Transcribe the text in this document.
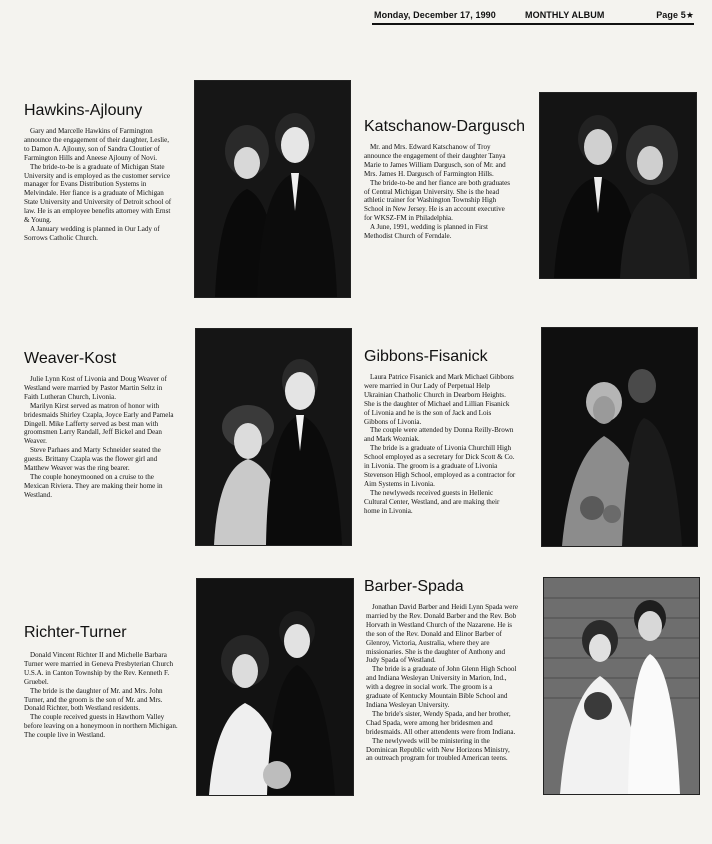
Monday, December 17, 1990	MONTHLY ALBUM	Page 5★
Hawkins-Ajlouny

Gary and Marcelle Hawkins of Farmington announce the engagement of their daughter, Leslie, to Damon A. Ajlouny, son of Sandra Cloutier of Farmington Hills and Aneese Ajlouny of Novi.

The bride-to-be is a graduate of Michigan State University and is employed as the customer service manager for Evans Distribution Systems in Melvindale. Her fiance is a graduate of Michigan State University and University of Detroit school of law. He is an employee benefits attorney with Ernst & Young.

A January wedding is planned in Our Lady of Sorrows Catholic Church.

Katschanow-Dargusch

Mr. and Mrs. Edward Katschanow of Troy announce the engagement of their daughter Tanya Marie to James William Dargusch, son of Mr. and Mrs. James H. Dargusch of Farmington Hills.

The bride-to-be and her fiance are both graduates of Central Michigan University. She is the head athletic trainer for Washington Township High School in New Jersey. He is an account executive for WKSZ-FM in Philadelphia.

A June, 1991, wedding is planned in First Methodist Church of Ferndale.

Weaver-Kost

Julie Lynn Kost of Livonia and Doug Weaver of Westland were married by Pastor Martin Seltz in Faith Lutheran Church, Livonia.

Marilyn Kirst served as matron of honor with bridesmaids Shirley Czapla, Joyce Early and Pamela Dingell. Mike Lafferty served as best man with groomsmen Larry Randall, Jeff Bickel and Dean Weaver.

Steve Parhaes and Marty Schneider seated the guests. Brittany Czapla was the flower girl and Matthew Weaver was the ring bearer.

The couple honeymooned on a cruise to the Mexican Riviera. They are making their home in Westland.

Gibbons-Fisanick

Laura Patrice Fisanick and Mark Michael Gibbons were married in Our Lady of Perpetual Help Ukrainian Chatholic Church in Dearborn Heights. She is the daughter of Michael and Lillian Fisanick of Livonia and he is the son of Jack and Lois Gibbons of Livonia.

The couple were attended by Donna Reilly-Brown and Mark Wozniak.

The bride is a graduate of Livonia Churchill High School employed as a secretary for Dick Scott & Co. in Livonia. The groom is a graduate of Livonia Stevenson High School, employed as a contractor for Aim Systems in Livonia.

The newlyweds received guests in Hellenic Cultural Center, Westland, and are making their home in Livonia.

Barber-Spada

Jonathan David Barber and Heidi Lynn Spada were married by the Rev. Donald Barber and the Rev. Bob Horvath in Westland Church of the Nazarene. He is the son of the Rev. Donald and Elinor Barber of Glenroy, Victoria, Australia, where they are missionaries. She is the daughter of Anthony and Judy Spada of Westland.

The bride is a graduate of John Glenn High School and Indiana Wesleyan University in Marion, Ind., with a degree in social work. The groom is a graduate of Kentucky Mountain Bible School and Indiana Wesleyan University.

The bride's sister, Wendy Spada, and her brother, Chad Spada, were among her bridesmen and bridesmaids. All other attendents were from Indiana.

The newlyweds will be ministering in the Dominican Republic with New Horizons Ministry, an outreach program for troubled American teens.

Richter-Turner

Donald Vincent Richter II and Michelle Barbara Turner were married in Geneva Presbyterian Church U.S.A. in Canton Township by the Rev. Kenneth F. Gruebel.

The bride is the daughter of Mr. and Mrs. John Turner, and the groom is the son of Mr. and Mrs. Donald Richter, both Westland residents.

The couple received guests in Hawthorn Valley before leaving on a honeymoon in northern Michigan. The couple live in Westland.
